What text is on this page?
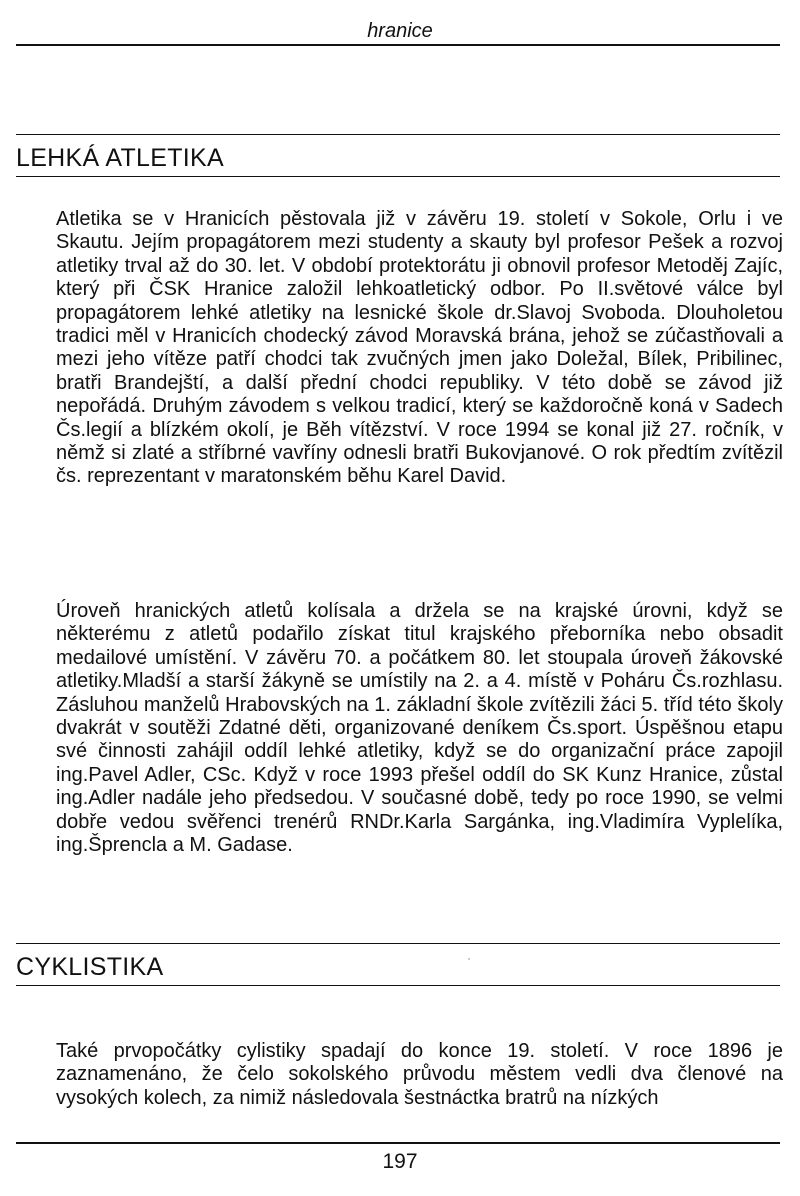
hranice
LEHKÁ ATLETIKA

Atletika se v Hranicích pěstovala již v závěru 19. století v Sokole, Orlu i ve Skautu. Jejím propagátorem mezi studenty a skauty byl profesor Pešek a rozvoj atletiky trval až do 30. let. V období protektorátu ji obnovil profesor Metoděj Zajíc, který při ČSK Hranice založil lehkoatletický odbor. Po II.světové válce byl propagátorem lehké atletiky na lesnické škole dr.Slavoj Svoboda. Dlouholetou tradici měl v Hranicích chodecký závod Moravská brána, jehož se zúčastňovali a mezi jeho vítěze patří chodci tak zvučných jmen jako Doležal, Bílek, Pribilinec, bratři Brandejští, a další přední chodci republiky. V této době se závod již nepořádá. Druhým závodem s velkou tradicí, který se každoročně koná v Sadech Čs.legií a blízkém okolí, je Běh vítězství. V roce 1994 se konal již 27. ročník, v němž si zlaté a stříbrné vavříny odnesli bratři Bukovjanové. O rok předtím zvítězil čs. reprezentant v maratonském běhu Karel David.

Úroveň hranických atletů kolísala a držela se na krajské úrovni, když se některému z atletů podařilo získat titul krajského přeborníka nebo obsadit medailové umístění. V závěru 70. a počátkem 80. let stoupala úroveň žákovské atletiky.Mladší a starší žákyně se umístily na 2. a 4. místě v Poháru Čs.rozhlasu. Zásluhou manželů Hrabovských na 1. základní škole zvítězili žáci 5. tříd této školy dvakrát v soutěži Zdatné děti, organizované deníkem Čs.sport. Úspěšnou etapu své činnosti zahájil oddíl lehké atletiky, když se do organizační práce zapojil ing.Pavel Adler, CSc. Když v roce 1993 přešel oddíl do SK Kunz Hranice, zůstal ing.Adler nadále jeho předsedou. V současné době, tedy po roce 1990, se velmi dobře vedou svěřenci trenérů RNDr.Karla Sargánka, ing.Vladimíra Vyplelíka, ing.Šprencla a M. Gadase.

CYKLISTIKA

Také prvopočátky cylistiky spadají do konce 19. století. V roce 1896 je zaznamenáno, že čelo sokolského průvodu městem vedli dva členové na vysokých kolech, za nimiž následovala šestnáctka bratrů na nízkých

197
